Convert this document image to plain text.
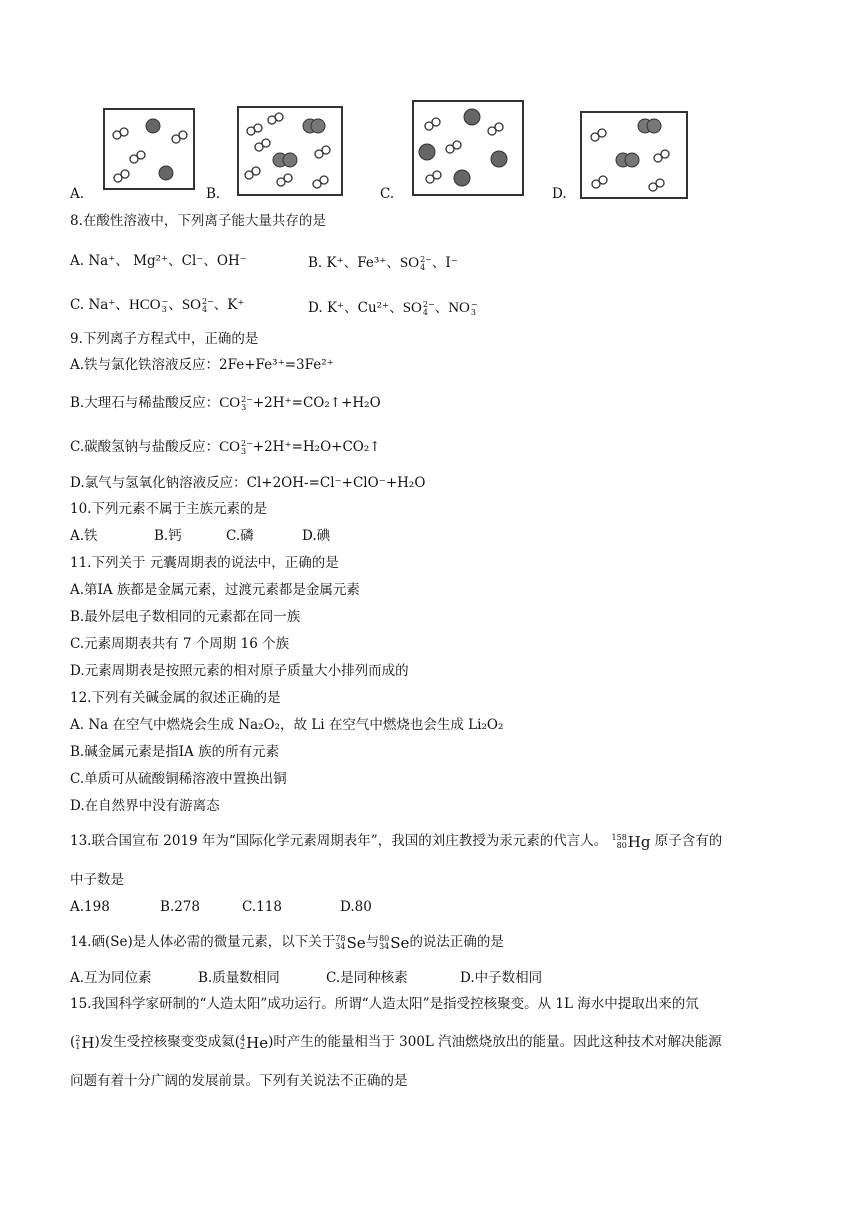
A.	B.	C.	D.
8.在酸性溶液中，下列离子能大量共存的是
A. Na⁺、 Mg²⁺、Cl⁻、OH⁻	B. K⁺、Fe³⁺、SO 2−
4 、I⁻
C. Na⁺、HCO −
3 、SO 2−
4 、K⁺	D. K⁺、Cu²⁺、SO 2−
4 、NO −
3
9.下列离子方程式中，正确的是
A.铁与氯化铁溶液反应：2Fe+Fe³⁺=3Fe²⁺
B.大理石与稀盐酸反应：CO 2−
3 +2H⁺=CO₂↑+H₂O
C.碳酸氢钠与盐酸反应：CO 2−
3 +2H⁺=H₂O+CO₂↑
D.氯气与氢氧化钠溶液反应：Cl+2OH-=Cl⁻+ClO⁻+H₂O
10.下列元素不属于主族元素的是
A.铁	B.钙	C.磷	D.碘
11.下列关于 元囊周期表的说法中，正确的是
A.第ⅠA 族都是金属元素，过渡元素都是金属元素
B.最外层电子数相同的元素都在同一族
C.元素周期表共有 7 个周期 16 个族
D.元素周期表是按照元素的相对原子质量大小排列而成的
12.下列有关碱金属的叙述正确的是
A. Na 在空气中燃烧会生成 Na₂O₂，故 Li 在空气中燃烧也会生成 Li₂O₂
B.碱金属元素是指ⅠA 族的所有元素
C.单质可从硫酸铜稀溶液中置换出铜
D.在自然界中没有游离态
13.联合国宣布 2019 年为“国际化学元素周期表年”，我国的刘庄教授为汞元素的代言人。 158
80 Hg 原子含有的
中子数是
A.198	B.278	C.118	D.80
14.硒(Se)是人体必需的微量元素，以下关于 78
34 Se 与 80
34 Se 的说法正确的是
A.互为同位素	B.质量数相同	C.是同种核素	D.中子数相同
15.我国科学家研制的“人造太阳”成功运行。所谓“人造太阳”是指受控核聚变。从 1L 海水中提取出来的氘
( 2
1 H )发生受控核聚变变成氦( 4
2 He )时产生的能量相当于 300L 汽油燃烧放出的能量。因此这种技术对解决能源
问题有着十分广阔的发展前景。下列有关说法不正确的是
